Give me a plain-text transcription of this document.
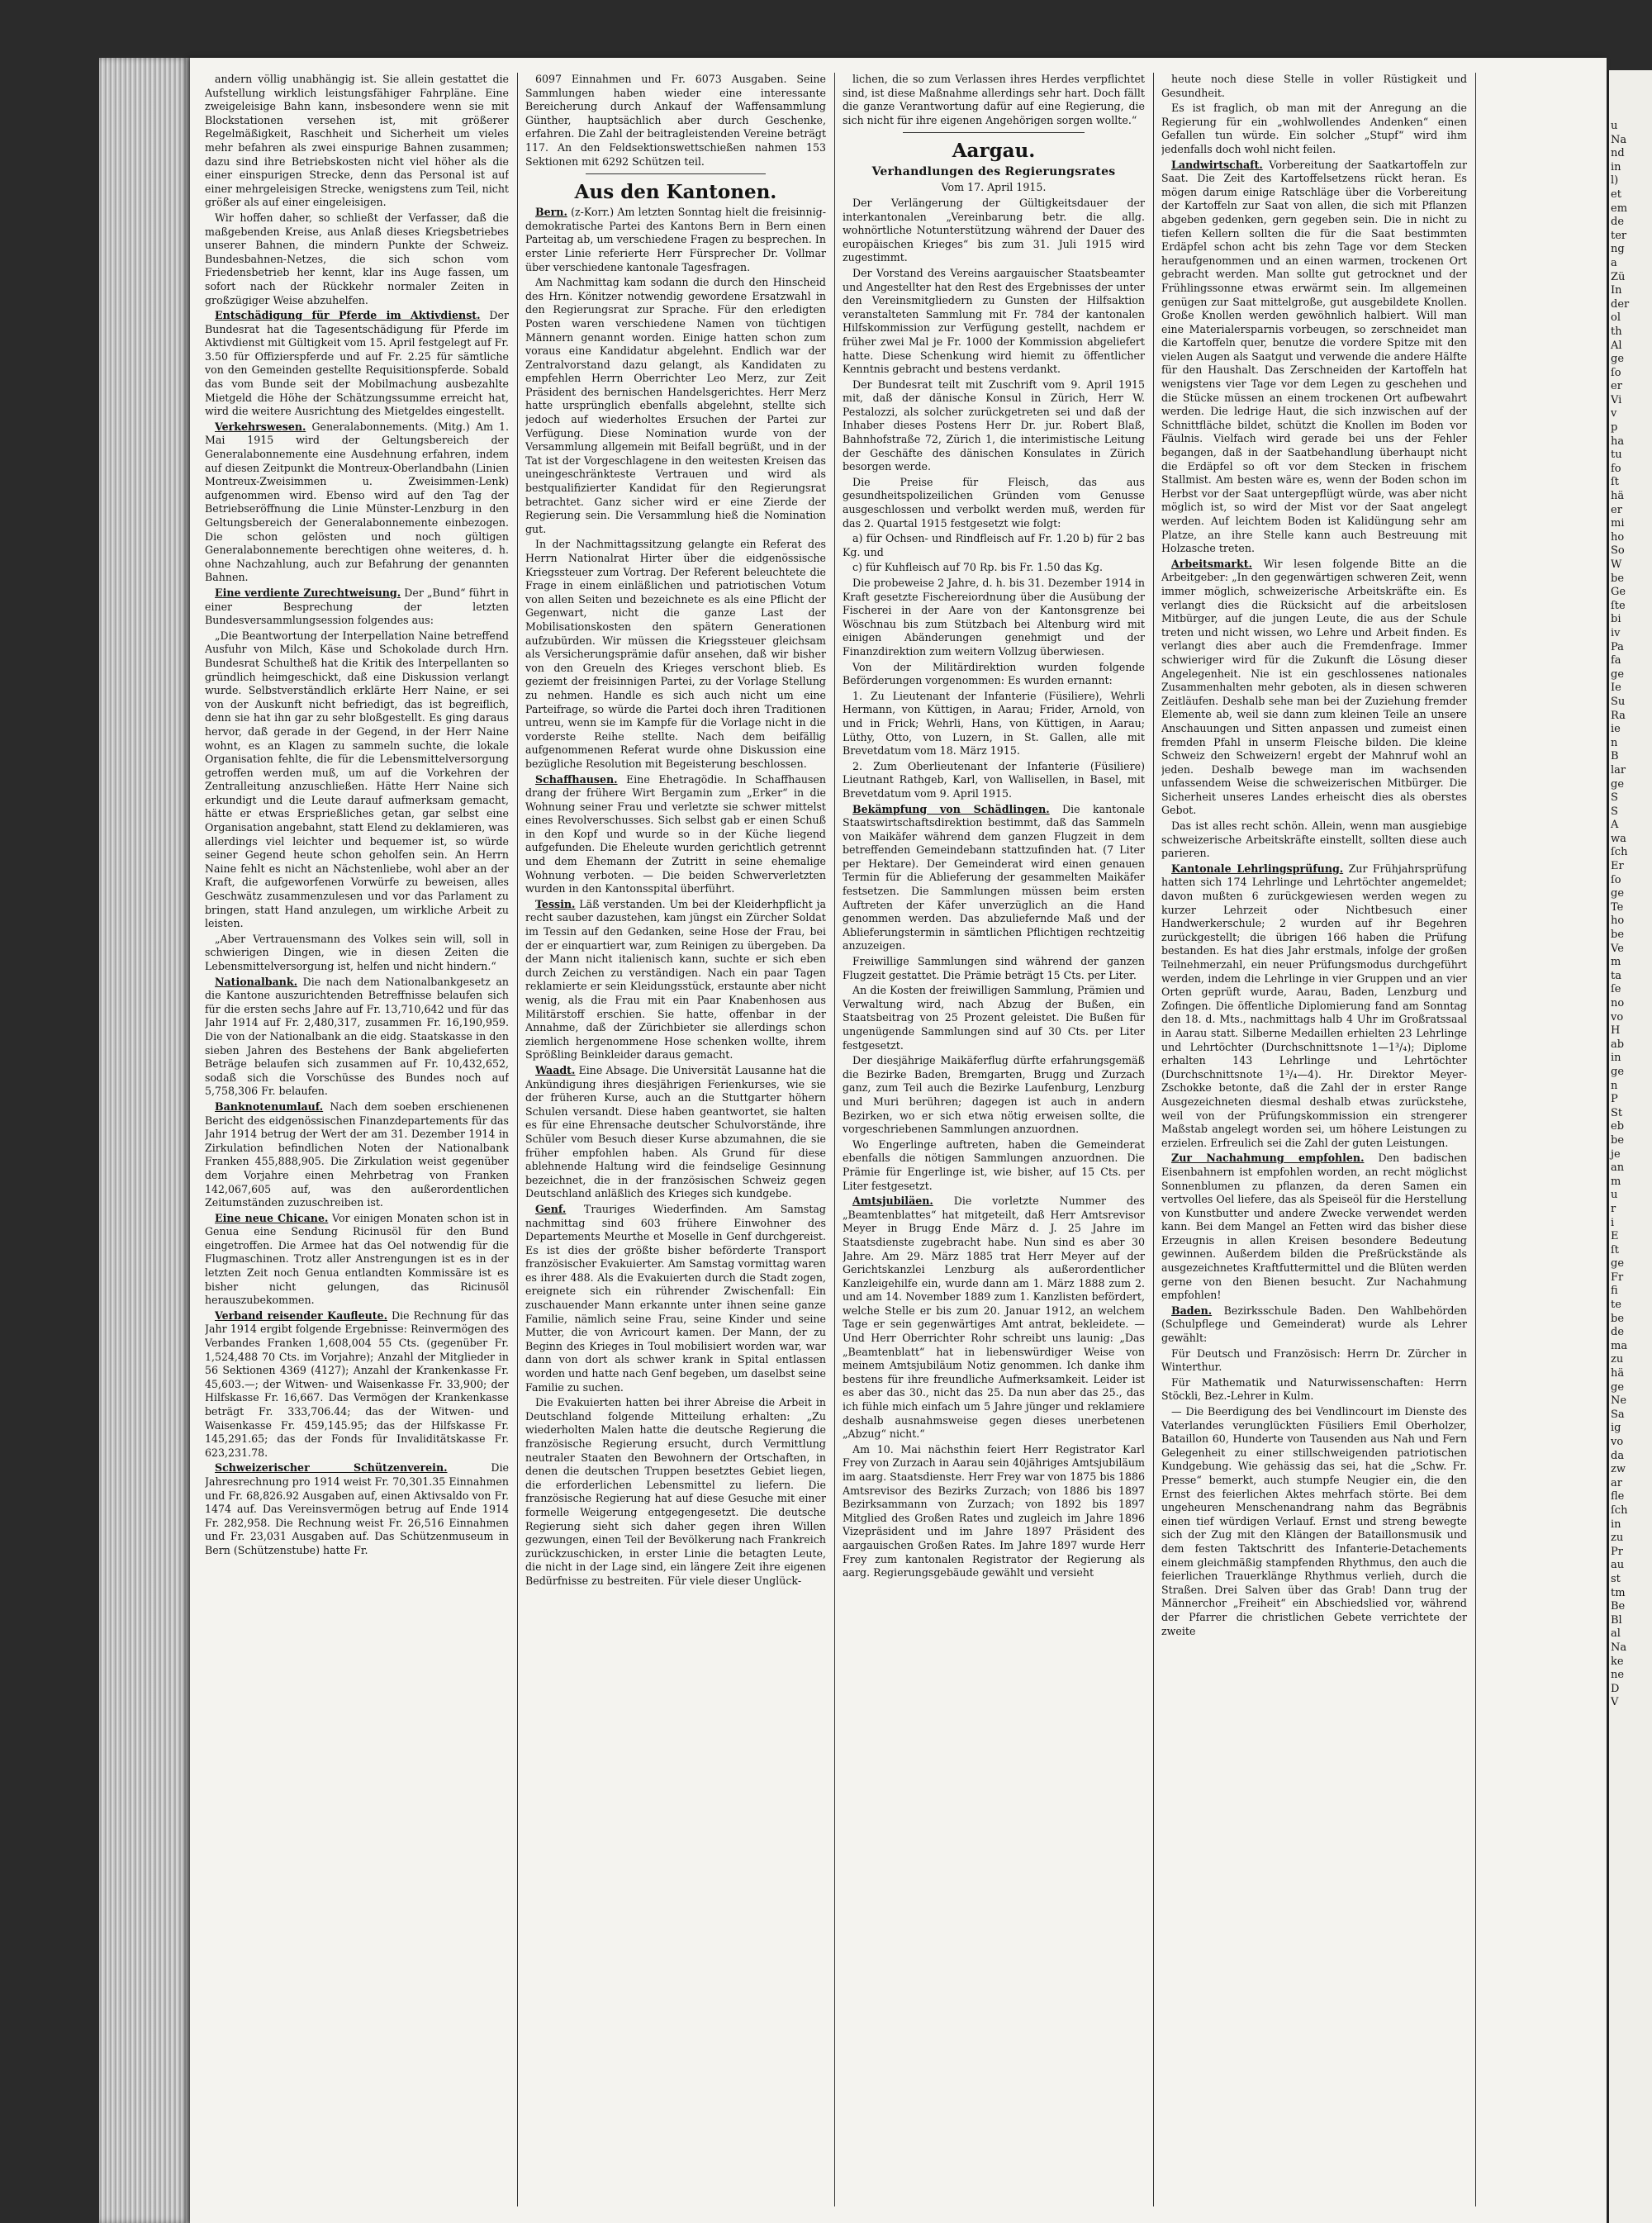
andern völlig unabhängig ist. Sie allein gestattet die Aufstellung wirklich leistungsfähiger Fahrpläne. Eine zweigeleisige Bahn kann, insbesondere wenn sie mit Blockstationen versehen ist, mit größerer Regelmäßigkeit, Raschheit und Sicherheit um vieles mehr befahren als zwei einspurige Bahnen zusammen; dazu sind ihre Betriebskosten nicht viel höher als die einer einspurigen Strecke, denn das Personal ist auf einer mehrgeleisigen Strecke, wenigstens zum Teil, nicht größer als auf einer eingeleisigen.

Wir hoffen daher, so schließt der Verfasser, daß die maßgebenden Kreise, aus Anlaß dieses Kriegsbetriebes unserer Bahnen, die mindern Punkte der Schweiz. Bundesbahnen-Netzes, die sich schon vom Friedensbetrieb her kennt, klar ins Auge fassen, um sofort nach der Rückkehr normaler Zeiten in großzügiger Weise abzuhelfen.

Entschädigung für Pferde im Aktivdienst. Der Bundesrat hat die Tagesentschädigung für Pferde im Aktivdienst mit Gültigkeit vom 15. April festgelegt auf Fr. 3.50 für Offizierspferde und auf Fr. 2.25 für sämtliche von den Gemeinden gestellte Requisitionspferde. Sobald das vom Bunde seit der Mobilmachung ausbezahlte Mietgeld die Höhe der Schätzungssumme erreicht hat, wird die weitere Ausrichtung des Mietgeldes eingestellt.

Verkehrswesen. Generalabonnements. (Mitg.) Am 1. Mai 1915 wird der Geltungsbereich der Generalabonnemente eine Ausdehnung erfahren, indem auf diesen Zeitpunkt die Montreux-Oberlandbahn (Linien Montreux-Zweisimmen u. Zweisimmen-Lenk) aufgenommen wird. Ebenso wird auf den Tag der Betriebseröffnung die Linie Münster-Lenzburg in den Geltungsbereich der Generalabonnemente einbezogen. Die schon gelösten und noch gültigen Generalabonnemente berechtigen ohne weiteres, d. h. ohne Nachzahlung, auch zur Befahrung der genannten Bahnen.

Eine verdiente Zurechtweisung. Der „Bund“ führt in einer Besprechung der letzten Bundesversammlungsession folgendes aus:

„Die Beantwortung der Interpellation Naine betreffend Ausfuhr von Milch, Käse und Schokolade durch Hrn. Bundesrat Schultheß hat die Kritik des Interpellanten so gründlich heimgeschickt, daß eine Diskussion verlangt wurde. Selbstverständlich erklärte Herr Naine, er sei von der Auskunft nicht befriedigt, das ist begreiflich, denn sie hat ihn gar zu sehr bloßgestellt. Es ging daraus hervor, daß gerade in der Gegend, in der Herr Naine wohnt, es an Klagen zu sammeln suchte, die lokale Organisation fehlte, die für die Lebensmittelversorgung getroffen werden muß, um auf die Vorkehren der Zentralleitung anzuschließen. Hätte Herr Naine sich erkundigt und die Leute darauf aufmerksam gemacht, hätte er etwas Ersprießliches getan, gar selbst eine Organisation angebahnt, statt Elend zu deklamieren, was allerdings viel leichter und bequemer ist, so würde seiner Gegend heute schon geholfen sein. An Herrn Naine fehlt es nicht an Nächstenliebe, wohl aber an der Kraft, die aufgeworfenen Vorwürfe zu beweisen, alles Geschwätz zusammenzulesen und vor das Parlament zu bringen, statt Hand anzulegen, um wirkliche Arbeit zu leisten.

„Aber Vertrauensmann des Volkes sein will, soll in schwierigen Dingen, wie in diesen Zeiten die Lebensmittelversorgung ist, helfen und nicht hindern.“

Nationalbank. Die nach dem Nationalbankgesetz an die Kantone auszurichtenden Betreffnisse belaufen sich für die ersten sechs Jahre auf Fr. 13,710,642 und für das Jahr 1914 auf Fr. 2,480,317, zusammen Fr. 16,190,959. Die von der Nationalbank an die eidg. Staatskasse in den sieben Jahren des Bestehens der Bank abgelieferten Beträge belaufen sich zusammen auf Fr. 10,432,652, sodaß sich die Vorschüsse des Bundes noch auf 5,758,306 Fr. belaufen.

Banknotenumlauf. Nach dem soeben erschienenen Bericht des eidgenössischen Finanzdepartements für das Jahr 1914 betrug der Wert der am 31. Dezember 1914 in Zirkulation befindlichen Noten der Nationalbank Franken 455,888,905. Die Zirkulation weist gegenüber dem Vorjahre einen Mehrbetrag von Franken 142,067,605 auf, was den außerordentlichen Zeitumständen zuzuschreiben ist.

Eine neue Chicane. Vor einigen Monaten schon ist in Genua eine Sendung Ricinusöl für den Bund eingetroffen. Die Armee hat das Oel notwendig für die Flugmaschinen. Trotz aller Anstrengungen ist es in der letzten Zeit noch Genua entlandten Kommissäre ist es bisher nicht gelungen, das Ricinusöl herauszubekommen.

Verband reisender Kaufleute. Die Rechnung für das Jahr 1914 ergibt folgende Ergebnisse: Reinvermögen des Verbandes Franken 1,608,004 55 Cts. (gegenüber Fr. 1,524,488 70 Cts. im Vorjahre); Anzahl der Mitglieder in 56 Sektionen 4369 (4127); Anzahl der Krankenkasse Fr. 45,603.—; der Witwen- und Waisenkasse Fr. 33,900; der Hilfskasse Fr. 16,667. Das Vermögen der Krankenkasse beträgt Fr. 333,706.44; das der Witwen- und Waisenkasse Fr. 459,145.95; das der Hilfskasse Fr. 145,291.65; das der Fonds für Invaliditätskasse Fr. 623,231.78.

Schweizerischer Schützenverein.	Die Jahresrechnung pro 1914 weist Fr. 70,301.35 Einnahmen und Fr. 68,826.92 Ausgaben auf, einen Aktivsaldo von Fr. 1474 auf. Das Vereinsvermögen betrug auf Ende 1914 Fr. 282,958. Die Rechnung weist Fr. 26,516 Einnahmen und Fr. 23,031 Ausgaben auf. Das Schützenmuseum in Bern (Schützenstube) hatte Fr.

6097 Einnahmen und Fr. 6073 Ausgaben. Seine Sammlungen haben wieder eine interessante Bereicherung durch Ankauf der Waffensammlung Günther, hauptsächlich aber durch Geschenke, erfahren. Die Zahl der beitragleistenden Vereine beträgt 117. An den Feldsektionswettschießen nahmen 153 Sektionen mit 6292 Schützen teil.

Aus den Kantonen.

Bern. (z-Korr.) Am letzten Sonntag hielt die freisinnig-demokratische Partei des Kantons Bern in Bern einen Parteitag ab, um verschiedene Fragen zu besprechen. In erster Linie referierte Herr Fürsprecher Dr. Vollmar über verschiedene kantonale Tagesfragen.

Am Nachmittag kam sodann die durch den Hinscheid des Hrn. Könitzer notwendig gewordene Ersatzwahl in den Regierungsrat zur Sprache. Für den erledigten Posten waren verschiedene Namen von tüchtigen Männern genannt worden. Einige hatten schon zum voraus eine Kandidatur abgelehnt. Endlich war der Zentralvorstand dazu gelangt, als Kandidaten zu empfehlen Herrn Oberrichter Leo Merz, zur Zeit Präsident des bernischen Handelsgerichtes. Herr Merz hatte ursprünglich ebenfalls abgelehnt, stellte sich jedoch auf wiederholtes Ersuchen der Partei zur Verfügung. Diese Nomination wurde von der Versammlung allgemein mit Beifall begrüßt, und in der Tat ist der Vorgeschlagene in den weitesten Kreisen das uneingeschränkteste Vertrauen und wird als bestqualifizierter Kandidat für den Regierungsrat betrachtet. Ganz sicher wird er eine Zierde der Regierung sein. Die Versammlung hieß die Nomination gut.

In der Nachmittagssitzung gelangte ein Referat des Herrn Nationalrat Hirter über die eidgenössische Kriegssteuer zum Vortrag. Der Referent beleuchtete die Frage in einem einläßlichen und patriotischen Votum von allen Seiten und bezeichnete es als eine Pflicht der Gegenwart, nicht die ganze Last der Mobilisationskosten den spätern Generationen aufzubürden. Wir müssen die Kriegssteuer gleichsam als Versicherungsprämie dafür ansehen, daß wir bisher von den Greueln des Krieges verschont blieb. Es geziemt der freisinnigen Partei, zu der Vorlage Stellung zu nehmen. Handle es sich auch nicht um eine Parteifrage, so würde die Partei doch ihren Traditionen untreu, wenn sie im Kampfe für die Vorlage nicht in die vorderste Reihe stellte. Nach dem beifällig aufgenommenen Referat wurde ohne Diskussion eine bezügliche Resolution mit Begeisterung beschlossen.

Schaffhausen. Eine Ehetragödie. In Schaffhausen drang der frühere Wirt Bergamin zum „Erker“ in die Wohnung seiner Frau und verletzte sie schwer mittelst eines Revolverschusses. Sich selbst gab er einen Schuß in den Kopf und wurde so in der Küche liegend aufgefunden. Die Eheleute wurden gerichtlich getrennt und dem Ehemann der Zutritt in seine ehemalige Wohnung verboten. — Die beiden Schwerverletzten wurden in den Kantonsspital überführt.

Tessin. Läß verstanden. Um bei der Kleiderhpflicht ja recht sauber dazustehen, kam jüngst ein Zürcher Soldat im Tessin auf den Gedanken, seine Hose der Frau, bei der er einquartiert war, zum Reinigen zu übergeben. Da der Mann nicht italienisch kann, suchte er sich eben durch Zeichen zu verständigen. Nach ein paar Tagen reklamierte er sein Kleidungsstück, erstaunte aber nicht wenig, als die Frau mit ein Paar Knabenhosen aus Militärstoff erschien. Sie hatte, offenbar in der Annahme, daß der Zürichbieter sie allerdings schon ziemlich hergenommene Hose schenken wollte, ihrem Sprößling Beinkleider daraus gemacht.

Waadt. Eine Absage. Die Universität Lausanne hat die Ankündigung ihres diesjährigen Ferienkurses, wie sie der früheren Kurse, auch an die Stuttgarter höhern Schulen versandt. Diese haben geantwortet, sie halten es für eine Ehrensache deutscher Schulvorstände, ihre Schüler vom Besuch dieser Kurse abzumahnen, die sie früher empfohlen haben. Als Grund für diese ablehnende Haltung wird die feindselige Gesinnung bezeichnet, die in der französischen Schweiz gegen Deutschland anläßlich des Krieges sich kundgebe.

Genf. Trauriges Wiederfinden. Am Samstag nachmittag sind 603 frühere Einwohner des Departements Meurthe et Moselle in Genf durchgereist. Es ist dies der größte bisher beförderte Transport französischer Evakuierter. Am Samstag vormittag waren es ihrer 488. Als die Evakuierten durch die Stadt zogen, ereignete sich ein rührender Zwischenfall: Ein zuschauender Mann erkannte unter ihnen seine ganze Familie, nämlich seine Frau, seine Kinder und seine Mutter, die von Avricourt kamen. Der Mann, der zu Beginn des Krieges in Toul mobilisiert worden war, war dann von dort als schwer krank in Spital entlassen worden und hatte nach Genf begeben, um daselbst seine Familie zu suchen.

Die Evakuierten hatten bei ihrer Abreise die Arbeit in Deutschland folgende Mitteilung erhalten: „Zu wiederholten Malen hatte die deutsche Regierung die französische Regierung ersucht, durch Vermittlung neutraler Staaten den Bewohnern der Ortschaften, in denen die deutschen Truppen besetztes Gebiet liegen, die erforderlichen Lebensmittel zu liefern. Die französische Regierung hat auf diese Gesuche mit einer formelle Weigerung entgegengesetzt. Die deutsche Regierung sieht sich daher gegen ihren Willen gezwungen, einen Teil der Bevölkerung nach Frankreich zurückzuschicken, in erster Linie die betagten Leute, die nicht in der Lage sind, ein längere Zeit ihre eigenen Bedürfnisse zu bestreiten. Für viele dieser Unglück-

lichen, die so zum Verlassen ihres Herdes verpflichtet sind, ist diese Maßnahme allerdings sehr hart. Doch fällt die ganze Verantwortung dafür auf eine Regierung, die sich nicht für ihre eigenen Angehörigen sorgen wollte.“

Aargau.

Verhandlungen des Regierungsrates

Vom 17. April 1915.

Der Verlängerung der Gültigkeitsdauer der interkantonalen „Vereinbarung betr. die allg. wohnörtliche Notunterstützung während der Dauer des europäischen Krieges“ bis zum 31. Juli 1915 wird zugestimmt.

Der Vorstand des Vereins aargauischer Staatsbeamter und Angestellter hat den Rest des Ergebnisses der unter den Vereinsmitgliedern zu Gunsten der Hilfsaktion veranstalteten Sammlung mit Fr. 784 der kantonalen Hilfskommission zur Verfügung gestellt, nachdem er früher zwei Mal je Fr. 1000 der Kommission abgeliefert hatte. Diese Schenkung wird hiemit zu öffentlicher Kenntnis gebracht und bestens verdankt.

Der Bundesrat teilt mit Zuschrift vom 9. April 1915 mit, daß der dänische Konsul in Zürich, Herr W. Pestalozzi, als solcher zurückgetreten sei und daß der Inhaber dieses Postens Herr Dr. jur. Robert Blaß, Bahnhofstraße 72, Zürich 1, die interimistische Leitung der Geschäfte des dänischen Konsulates in Zürich besorgen werde.

Die Preise für Fleisch, das aus gesundheitspolizeilichen Gründen vom Genusse ausgeschlossen und verbolkt werden muß, werden für das 2. Quartal 1915 festgesetzt wie folgt:

a) für Ochsen- und Rindfleisch auf Fr. 1.20 b) für 2 bas Kg. und

c) für Kuhfleisch auf 70 Rp. bis Fr. 1.50 das Kg.

Die probeweise 2 Jahre, d. h. bis 31. Dezember 1914 in Kraft gesetzte Fischereiordnung über die Ausübung der Fischerei in der Aare von der Kantonsgrenze bei Wöschnau bis zum Stützbach bei Altenburg wird mit einigen Abänderungen genehmigt und der Finanzdirektion zum weitern Vollzug überwiesen.

Von der Militärdirektion wurden folgende Beförderungen vorgenommen: Es wurden ernannt:

1. Zu Lieutenant der Infanterie (Füsiliere), Wehrli Hermann, von Küttigen, in Aarau; Frider, Arnold, von und in Frick; Wehrli, Hans, von Küttigen, in Aarau; Lüthy, Otto, von Luzern, in St. Gallen, alle mit Brevetdatum vom 18. März 1915.

2. Zum Oberlieutenant der Infanterie (Füsiliere) Lieutnant Rathgeb, Karl, von Wallisellen, in Basel, mit Brevetdatum vom 9. April 1915.

Bekämpfung von Schädlingen. Die kantonale Staatswirtschaftsdirektion bestimmt, daß das Sammeln von Maikäfer während dem ganzen Flugzeit in dem betreffenden Gemeindebann stattzufinden hat. (7 Liter per Hektare). Der Gemeinderat wird einen genauen Termin für die Ablieferung der gesammelten Maikäfer festsetzen. Die Sammlungen müssen beim ersten Auftreten der Käfer unverzüglich an die Hand genommen werden. Das abzuliefernde Maß und der Ablieferungstermin in sämtlichen Pflichtigen rechtzeitig anzuzeigen.

Freiwillige Sammlungen sind während der ganzen Flugzeit gestattet. Die Prämie beträgt 15 Cts. per Liter.

An die Kosten der freiwilligen Sammlung, Prämien und Verwaltung wird, nach Abzug der Bußen, ein Staatsbeitrag von 25 Prozent geleistet. Die Bußen für ungenügende Sammlungen sind auf 30 Cts. per Liter festgesetzt.

Der diesjährige Maikäferflug dürfte erfahrungsgemäß die Bezirke Baden, Bremgarten, Brugg und Zurzach ganz, zum Teil auch die Bezirke Laufenburg, Lenzburg und Muri berühren; dagegen ist auch in andern Bezirken, wo er sich etwa nötig erweisen sollte, die vorgeschriebenen Sammlungen anzuordnen.

Wo Engerlinge auftreten, haben die Gemeinderat ebenfalls die nötigen Sammlungen anzuordnen. Die Prämie für Engerlinge ist, wie bisher, auf 15 Cts. per Liter festgesetzt.

Amtsjubiläen. Die vorletzte Nummer des „Beamtenblattes“ hat mitgeteilt, daß Herr Amtsrevisor Meyer in Brugg Ende März d. J. 25 Jahre im Staatsdienste zugebracht habe. Nun sind es aber 30 Jahre. Am 29. März 1885 trat Herr Meyer auf der Gerichtskanzlei Lenzburg als außerordentlicher Kanzleigehilfe ein, wurde dann am 1. März 1888 zum 2. und am 14. November 1889 zum 1. Kanzlisten befördert, welche Stelle er bis zum 20. Januar 1912, an welchem Tage er sein gegenwärtiges Amt antrat, bekleidete. — Und Herr Oberrichter Rohr schreibt uns launig: „Das „Beamtenblatt“ hat in liebenswürdiger Weise von meinem Amtsjubiläum Notiz genommen. Ich danke ihm bestens für ihre freundliche Aufmerksamkeit. Leider ist es aber das 30., nicht das 25. Da nun aber das 25., das ich fühle mich einfach um 5 Jahre jünger und reklamiere deshalb ausnahmsweise gegen dieses unerbetenen „Abzug“ nicht.“

Am 10. Mai nächsthin feiert Herr Registrator Karl Frey von Zurzach in Aarau sein 40jähriges Amtsjubiläum im aarg. Staatsdienste. Herr Frey war von 1875 bis 1886 Amtsrevisor des Bezirks Zurzach; von 1886 bis 1897 Bezirksammann von Zurzach; von 1892 bis 1897 Mitglied des Großen Rates und zugleich im Jahre 1896 Vizepräsident und im Jahre 1897 Präsident des aargauischen Großen Rates. Im Jahre 1897 wurde Herr Frey zum kantonalen Registrator der Regierung als aarg. Regierungsgebäude gewählt und versieht

heute noch diese Stelle in voller Rüstigkeit und Gesundheit.

Es ist fraglich, ob man mit der Anregung an die Regierung für ein „wohlwollendes Andenken“ einen Gefallen tun würde. Ein solcher „Stupf“ wird ihm jedenfalls doch wohl nicht feilen.

Landwirtschaft. Vorbereitung der Saatkartoffeln zur Saat. Die Zeit des Kartoffelsetzens rückt heran. Es mögen darum einige Ratschläge über die Vorbereitung der Kartoffeln zur Saat von allen, die sich mit Pflanzen abgeben gedenken, gern gegeben sein. Die in nicht zu tiefen Kellern sollten die für die Saat bestimmten Erdäpfel schon acht bis zehn Tage vor dem Stecken heraufgenommen und an einen warmen, trockenen Ort gebracht werden. Man sollte gut getrocknet und der Frühlingssonne etwas erwärmt sein. Im allgemeinen genügen zur Saat mittelgroße, gut ausgebildete Knollen. Große Knollen werden gewöhnlich halbiert. Will man eine Materialersparnis vorbeugen, so zerschneidet man die Kartoffeln quer, benutze die vordere Spitze mit den vielen Augen als Saatgut und verwende die andere Hälfte für den Haushalt. Das Zerschneiden der Kartoffeln hat wenigstens vier Tage vor dem Legen zu geschehen und die Stücke müssen an einem trockenen Ort aufbewahrt werden. Die ledrige Haut, die sich inzwischen auf der Schnittfläche bildet, schützt die Knollen im Boden vor Fäulnis. Vielfach wird gerade bei uns der Fehler begangen, daß in der Saatbehandlung überhaupt nicht die Erdäpfel so oft vor dem Stecken in frischem Stallmist. Am besten wäre es, wenn der Boden schon im Herbst vor der Saat untergepflügt würde, was aber nicht möglich ist, so wird der Mist vor der Saat angelegt werden. Auf leichtem Boden ist Kalidüngung sehr am Platze, an ihre Stelle kann auch Bestreuung mit Holzasche treten.

Arbeitsmarkt. Wir lesen folgende Bitte an die Arbeitgeber: „In den gegenwärtigen schweren Zeit, wenn immer möglich, schweizerische Arbeitskräfte ein. Es verlangt dies die Rücksicht auf die arbeitslosen Mitbürger, auf die jungen Leute, die aus der Schule treten und nicht wissen, wo Lehre und Arbeit finden. Es verlangt dies aber auch die Fremdenfrage. Immer schwieriger wird für die Zukunft die Lösung dieser Angelegenheit. Nie ist ein geschlossenes nationales Zusammenhalten mehr geboten, als in diesen schweren Zeitläufen. Deshalb sehe man bei der Zuziehung fremder Elemente ab, weil sie dann zum kleinen Teile an unsere Anschauungen und Sitten anpassen und zumeist einen fremden Pfahl in unserm Fleische bilden. Die kleine Schweiz den Schweizern! ergebt der Mahnruf wohl an jeden. Deshalb bewege man im wachsenden unfassendem Weise die schweizerischen Mitbürger. Die Sicherheit unseres Landes erheischt dies als oberstes Gebot.

Das ist alles recht schön. Allein, wenn man ausgiebige schweizerische Arbeitskräfte einstellt, sollten diese auch parieren.

Kantonale Lehrlingsprüfung. Zur Frühjahrsprüfung hatten sich 174 Lehrlinge und Lehrtöchter angemeldet; davon mußten 6 zurückgewiesen werden wegen zu kurzer Lehrzeit oder Nichtbesuch einer Handwerkerschule; 2 wurden auf ihr Begehren zurückgestellt; die übrigen 166 haben die Prüfung bestanden. Es hat dies Jahr erstmals, infolge der großen Teilnehmerzahl, ein neuer Prüfungsmodus durchgeführt werden, indem die Lehrlinge in vier Gruppen und an vier Orten geprüft wurde, Aarau, Baden, Lenzburg und Zofingen. Die öffentliche Diplomierung fand am Sonntag den 18. d. Mts., nachmittags halb 4 Uhr im Großratssaal in Aarau statt. Silberne Medaillen erhielten 23 Lehrlinge und Lehrtöchter (Durchschnittsnote 1—1³/₄); Diplome erhalten 143 Lehrlinge und Lehrtöchter (Durchschnittsnote 1³/₄—4). Hr. Direktor Meyer-Zschokke betonte, daß die Zahl der in erster Range Ausgezeichneten diesmal deshalb etwas zurückstehe, weil von der Prüfungskommission ein strengerer Maßstab angelegt worden sei, um höhere Leistungen zu erzielen. Erfreulich sei die Zahl der guten Leistungen.

Zur Nachahmung empfohlen. Den badischen Eisenbahnern ist empfohlen worden, an recht möglichst Sonnenblumen zu pflanzen, da deren Samen ein vertvolles Oel liefere, das als Speiseöl für die Herstellung von Kunstbutter und andere Zwecke verwendet werden kann. Bei dem Mangel an Fetten wird das bisher diese Erzeugnis in allen Kreisen besondere Bedeutung gewinnen. Außerdem bilden die Preßrückstände als ausgezeichnetes Kraftfuttermittel und die Blüten werden gerne von den Bienen besucht. Zur Nachahmung empfohlen!

Baden. Bezirksschule Baden. Den Wahlbehörden (Schulpflege und Gemeinderat) wurde als Lehrer gewählt:

Für Deutsch und Französisch: Herrn Dr. Zürcher in Winterthur.

Für Mathematik und Naturwissenschaften: Herrn Stöckli, Bez.-Lehrer in Kulm.

— Die Beerdigung des bei Vendlincourt im Dienste des Vaterlandes verunglückten Füsiliers Emil Oberholzer, Bataillon 60, Hunderte von Tausenden aus Nah und Fern Gelegenheit zu einer stillschweigenden patriotischen Kundgebung. Wie gehässig das sei, hat die „Schw. Fr. Presse“ bemerkt, auch stumpfe Neugier ein, die den Ernst des feierlichen Aktes mehrfach störte. Bei dem ungeheuren Menschenandrang nahm das Begräbnis einen tief würdigen Verlauf. Ernst und streng bewegte sich der Zug mit den Klängen der Bataillonsmusik und dem festen Taktschritt des Infanterie-Detachements einem gleichmäßig stampfenden Rhythmus, den auch die feierlichen Trauerklänge Rhythmus verlieh, durch die Straßen. Drei Salven über das Grab! Dann trug der Männerchor „Freiheit“ ein Abschiedslied vor, während der Pfarrer die christlichen Gebete verrichtete der zweite

u
Na
nd
in
l)
et
em
de
ter
ng
a
Zü
In
der
ol
th
Al
ge
ſo
er
Vi
v
p
ha
tu
fo
ſt
hä
er
mi
ho
So
W
be
Ge
ſte
bi
iv
Pa
fa
ge
Ie
Su
Ra
ie
n
B
lar
ge
S
S
A
wa
ſch
Er
ſo
ge
Te
ho
be
Ve
m
ta
ſe
no
vo
H
ab
in
ge
n
P
St
eb
be
je
an
m
u
r
i
E
ſt
ge
Fr
fi
te
be
de
ma
zu
hä
ge
Ne
Sa
ig
vo
da
zw
ar
fle
ſch
in
zu
Pr
au
st
tm
Be
Bl
al
Na
ke
ne
D
V
